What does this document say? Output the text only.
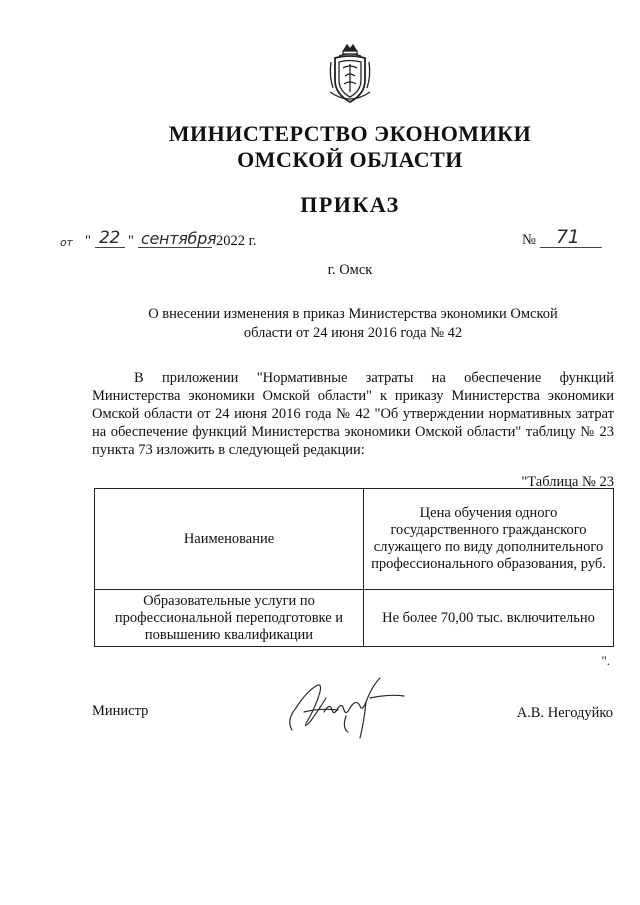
МИНИСТЕРСТВО ЭКОНОМИКИ
ОМСКОЙ ОБЛАСТИ
ПРИКАЗ
от " 22 " сентября 2022 г.	№ 71
г. Омск
О внесении изменения в приказ Министерства экономики Омской
области от 24 июня 2016 года № 42
В приложении "Нормативные затраты на обеспечение функций Министерства экономики Омской области" к приказу Министерства экономики Омской области от 24 июня 2016 года № 42 "Об утверждении нормативных затрат на обеспечение функций Министерства экономики Омской области" таблицу № 23 пункта 73 изложить в следующей редакции:
"Таблица № 23
Наименование	Цена обучения одного государственного гражданского служащего по виду дополнительного профессионального образования, руб.
Образовательные услуги по профессиональной переподготовке и повышению квалификации	Не более 70,00 тыс. включительно
".
Министр	А.В. Негодуйко
